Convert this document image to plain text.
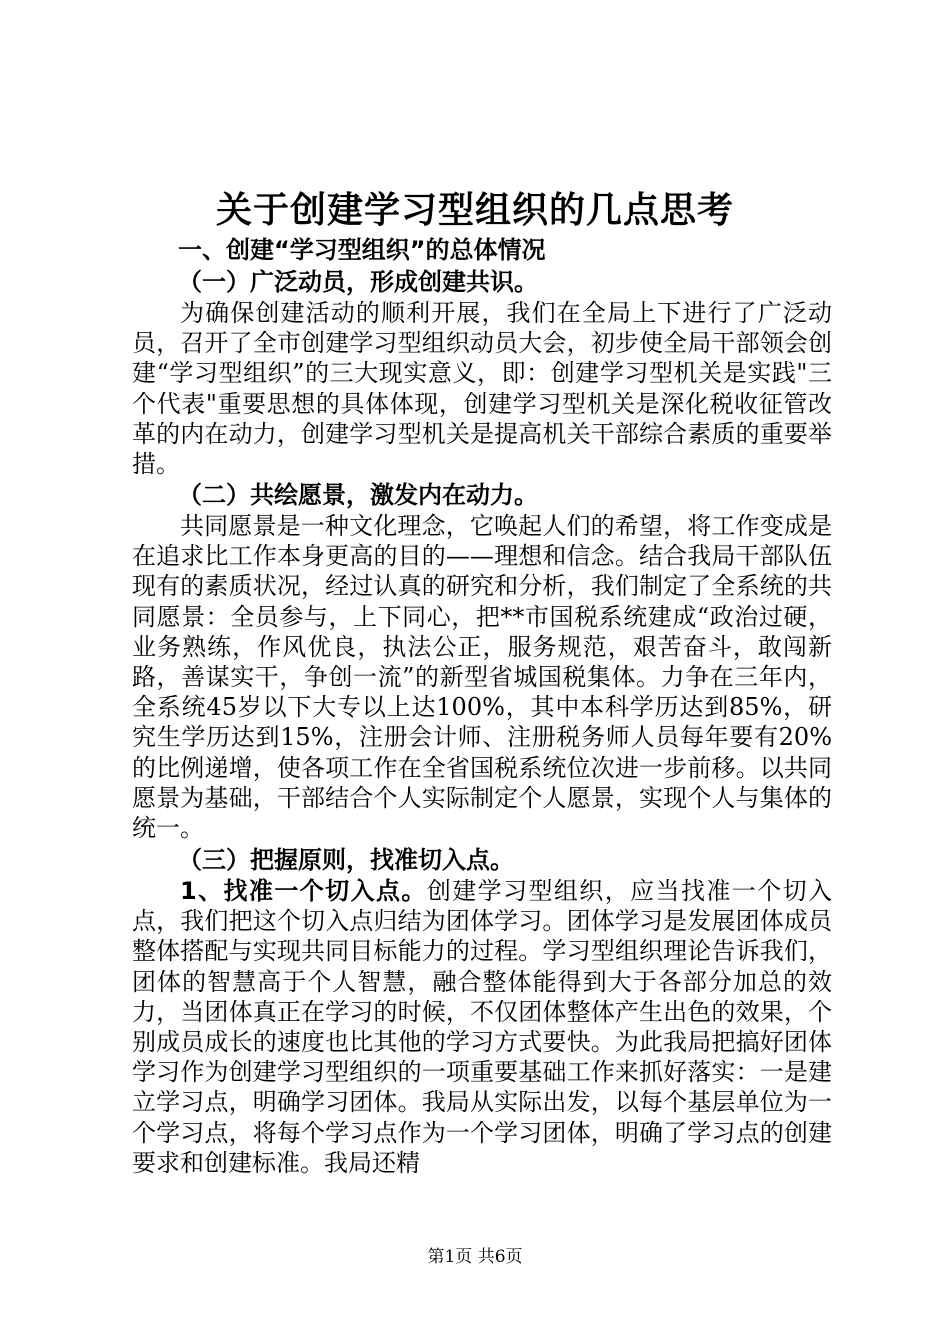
关于创建学习型组织的几点思考
一、创建“学习型组织”的总体情况
（一）广泛动员，形成创建共识。

为确保创建活动的顺利开展，我们在全局上下进行了广泛动员，召开了全市创建学习型组织动员大会，初步使全局干部领会创建“学习型组织”的三大现实意义，即：创建学习型机关是实践"三个代表"重要思想的具体体现，创建学习型机关是深化税收征管改革的内在动力，创建学习型机关是提高机关干部综合素质的重要举措。

（二）共绘愿景，激发内在动力。

共同愿景是一种文化理念，它唤起人们的希望，将工作变成是在追求比工作本身更高的目的——理想和信念。结合我局干部队伍现有的素质状况，经过认真的研究和分析，我们制定了全系统的共同愿景：全员参与，上下同心，把**市国税系统建成“政治过硬，业务熟练，作风优良，执法公正，服务规范，艰苦奋斗，敢闯新路，善谋实干，争创一流”的新型省城国税集体。力争在三年内，全系统45岁以下大专以上达100%，其中本科学历达到85%，研究生学历达到15%，注册会计师、注册税务师人员每年要有20%的比例递增，使各项工作在全省国税系统位次进一步前移。以共同愿景为基础，干部结合个人实际制定个人愿景，实现个人与集体的统一。

（三）把握原则，找准切入点。

1、找准一个切入点。创建学习型组织，应当找准一个切入点，我们把这个切入点归结为团体学习。团体学习是发展团体成员整体搭配与实现共同目标能力的过程。学习型组织理论告诉我们，团体的智慧高于个人智慧，融合整体能得到大于各部分加总的效力，当团体真正在学习的时候，不仅团体整体产生出色的效果，个别成员成长的速度也比其他的学习方式要快。为此我局把搞好团体学习作为创建学习型组织的一项重要基础工作来抓好落实：一是建立学习点，明确学习团体。我局从实际出发，以每个基层单位为一个学习点，将每个学习点作为一个学习团体，明确了学习点的创建要求和创建标准。我局还精

第1页 共6页
